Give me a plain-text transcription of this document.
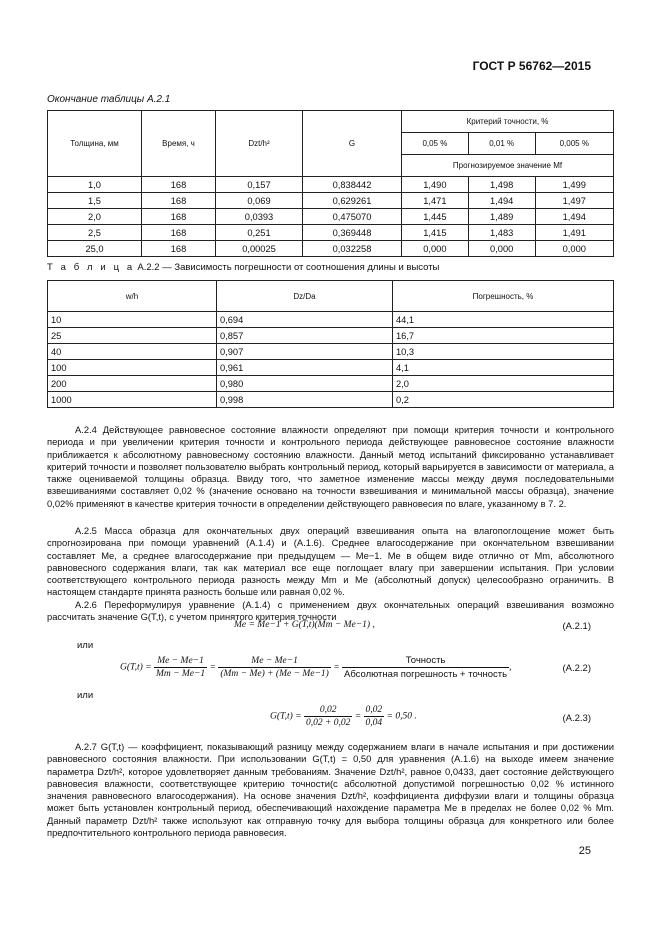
ГОСТ Р 56762—2015
Окончание таблицы А.2.1
Толщина, мм	Время, ч	Dzt/h²	G	Критерий точности, %		
				0,05 %	0,01 %	0,005 %
				Прогнозируемое значение Mf		
1,0	168	0,157	0,838442	1,490	1,498	1,499
1,5	168	0,069	0,629261	1,471	1,494	1,497
2,0	168	0,0393	0,475070	1,445	1,489	1,494
2,5	168	0,251	0,369448	1,415	1,483	1,491
25,0	168	0,00025	0,032258	0,000	0,000	0,000
Т а б л и ц а А.2.2 — Зависимость погрешности от соотношения длины и высоты
w/h	Dz/Da	Погрешность, %
10	0,694	44,1
25	0,857	16,7
40	0,907	10,3
100	0,961	4,1
200	0,980	2,0
1000	0,998	0,2

А.2.4 Действующее равновесное состояние влажности определяют при помощи критерия точности и контрольного периода и при увеличении критерия точности и контрольного периода действующее равновесное состояние влажности приближается к абсолютному равновесному состоянию влажности. Данный метод испытаний фиксированно устанавливает критерий точности и позволяет пользователю выбрать контрольный период, который варьируется в зависимости от материала, а также оцениваемой толщины образца. Ввиду того, что заметное изменение массы между двумя последовательными взвешиваниями составляет 0,02 % (значение основано на точности взвешивания и минимальной массы образца), значение 0,02% применяют в качестве критерия точности в определении действующего равновесия по влаге, указанному в 7. 2.

А.2.5 Масса образца для окончательных двух операций взвешивания опыта на влагопоглощение может быть спрогнозирована при помощи уравнений (А.1.4) и (А.1.6). Среднее влагосодержание при окончательном взвешивании составляет Me, а среднее влагосодержание при предыдущем — Me−1. Me в общем виде отлично от Mm, абсолютного равновесного содержания влаги, так как материал все еще поглощает влагу при завершении испытания. При условии соответствующего контрольного периода разность между Mm и Me (абсолютный допуск) целесообразно ограничить. В настоящем стандарте принята разность больше или равная 0,02 %.

А.2.6 Переформулируя уравнение (А.1.4) с применением двух окончательных операций взвешивания возможно рассчитать значение G(T,t), с учетом принятого критерия точности

Me = Me−1 + G(T,t)(Mm − Me−1) ,	(А.2.1)
или
$G(T,t) = \frac{Me - Me-1}{Mm - Me-1} = \frac{Me - Me-1}{(Mm - Me) + (Me - Me-1)} = \frac{\text{Точность}}{\text{Абсолютная погрешность + точность}}$ ,	(А.2.2)
или
$G(T,t) = \frac{0,02}{0,02 + 0,02} = \frac{0,02}{0,04} = 0,50$ .	(А.2.3)

А.2.7 G(T,t) — коэффициент, показывающий разницу между содержанием влаги в начале испытания и при достижении равновесного состояния влажности. При использовании G(T,t) = 0,50 для уравнения (А.1.6) на выходе имеем значение параметра Dzt/h², которое удовлетворяет данным требованиям. Значение Dzt/h², равное 0,0433, дает состояние действующего равновесия влажности, соответствующее критерию точности(с абсолютной допустимой погрешностью 0,02 % истинного значения равновесного влагосодержания). На основе значения Dzt/h², коэффициента диффузии влаги и толщины образца может быть установлен контрольный период, обеспечивающий нахождение параметра Me в пределах не более 0,02 % Mm. Данный параметр Dzt/h² также используют как отправную точку для выбора толщины образца для конкретного или более предпочтительного контрольного периода равновесия.

25
